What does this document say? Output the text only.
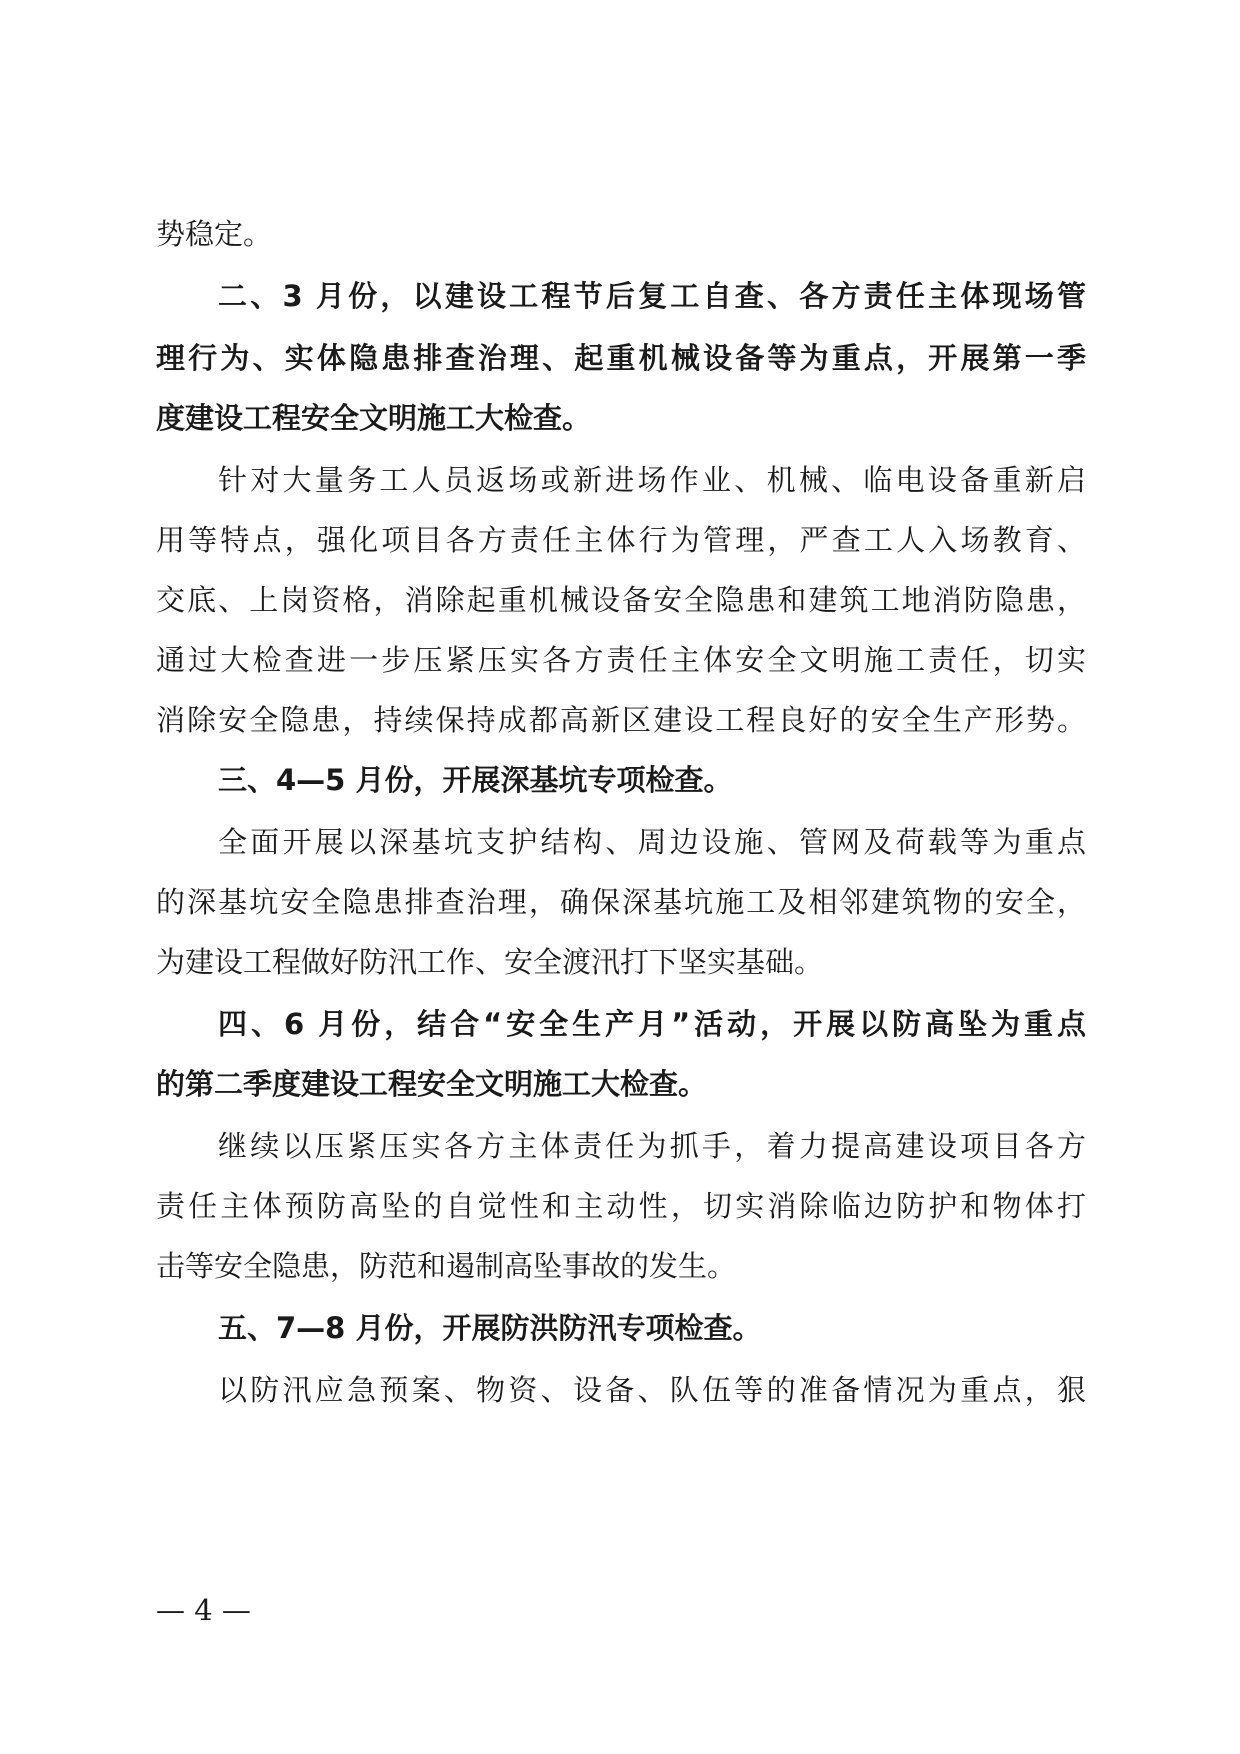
势稳定。
二、3 月份，以建设工程节后复工自查、各方责任主体现场管
理行为、实体隐患排查治理、起重机械设备等为重点，开展第一季
度建设工程安全文明施工大检查。
针对大量务工人员返场或新进场作业、机械、临电设备重新启
用等特点，强化项目各方责任主体行为管理，严查工人入场教育、
交底、上岗资格，消除起重机械设备安全隐患和建筑工地消防隐患，
通过大检查进一步压紧压实各方责任主体安全文明施工责任，切实
消除安全隐患，持续保持成都高新区建设工程良好的安全生产形势。
三、4—5 月份，开展深基坑专项检查。
全面开展以深基坑支护结构、周边设施、管网及荷载等为重点
的深基坑安全隐患排查治理，确保深基坑施工及相邻建筑物的安全，
为建设工程做好防汛工作、安全渡汛打下坚实基础。
四、6 月份，结合“安全生产月”活动，开展以防高坠为重点
的第二季度建设工程安全文明施工大检查。
继续以压紧压实各方主体责任为抓手，着力提高建设项目各方
责任主体预防高坠的自觉性和主动性，切实消除临边防护和物体打
击等安全隐患，防范和遏制高坠事故的发生。
五、7—8 月份，开展防洪防汛专项检查。
以防汛应急预案、物资、设备、队伍等的准备情况为重点，狠
— 4 —
